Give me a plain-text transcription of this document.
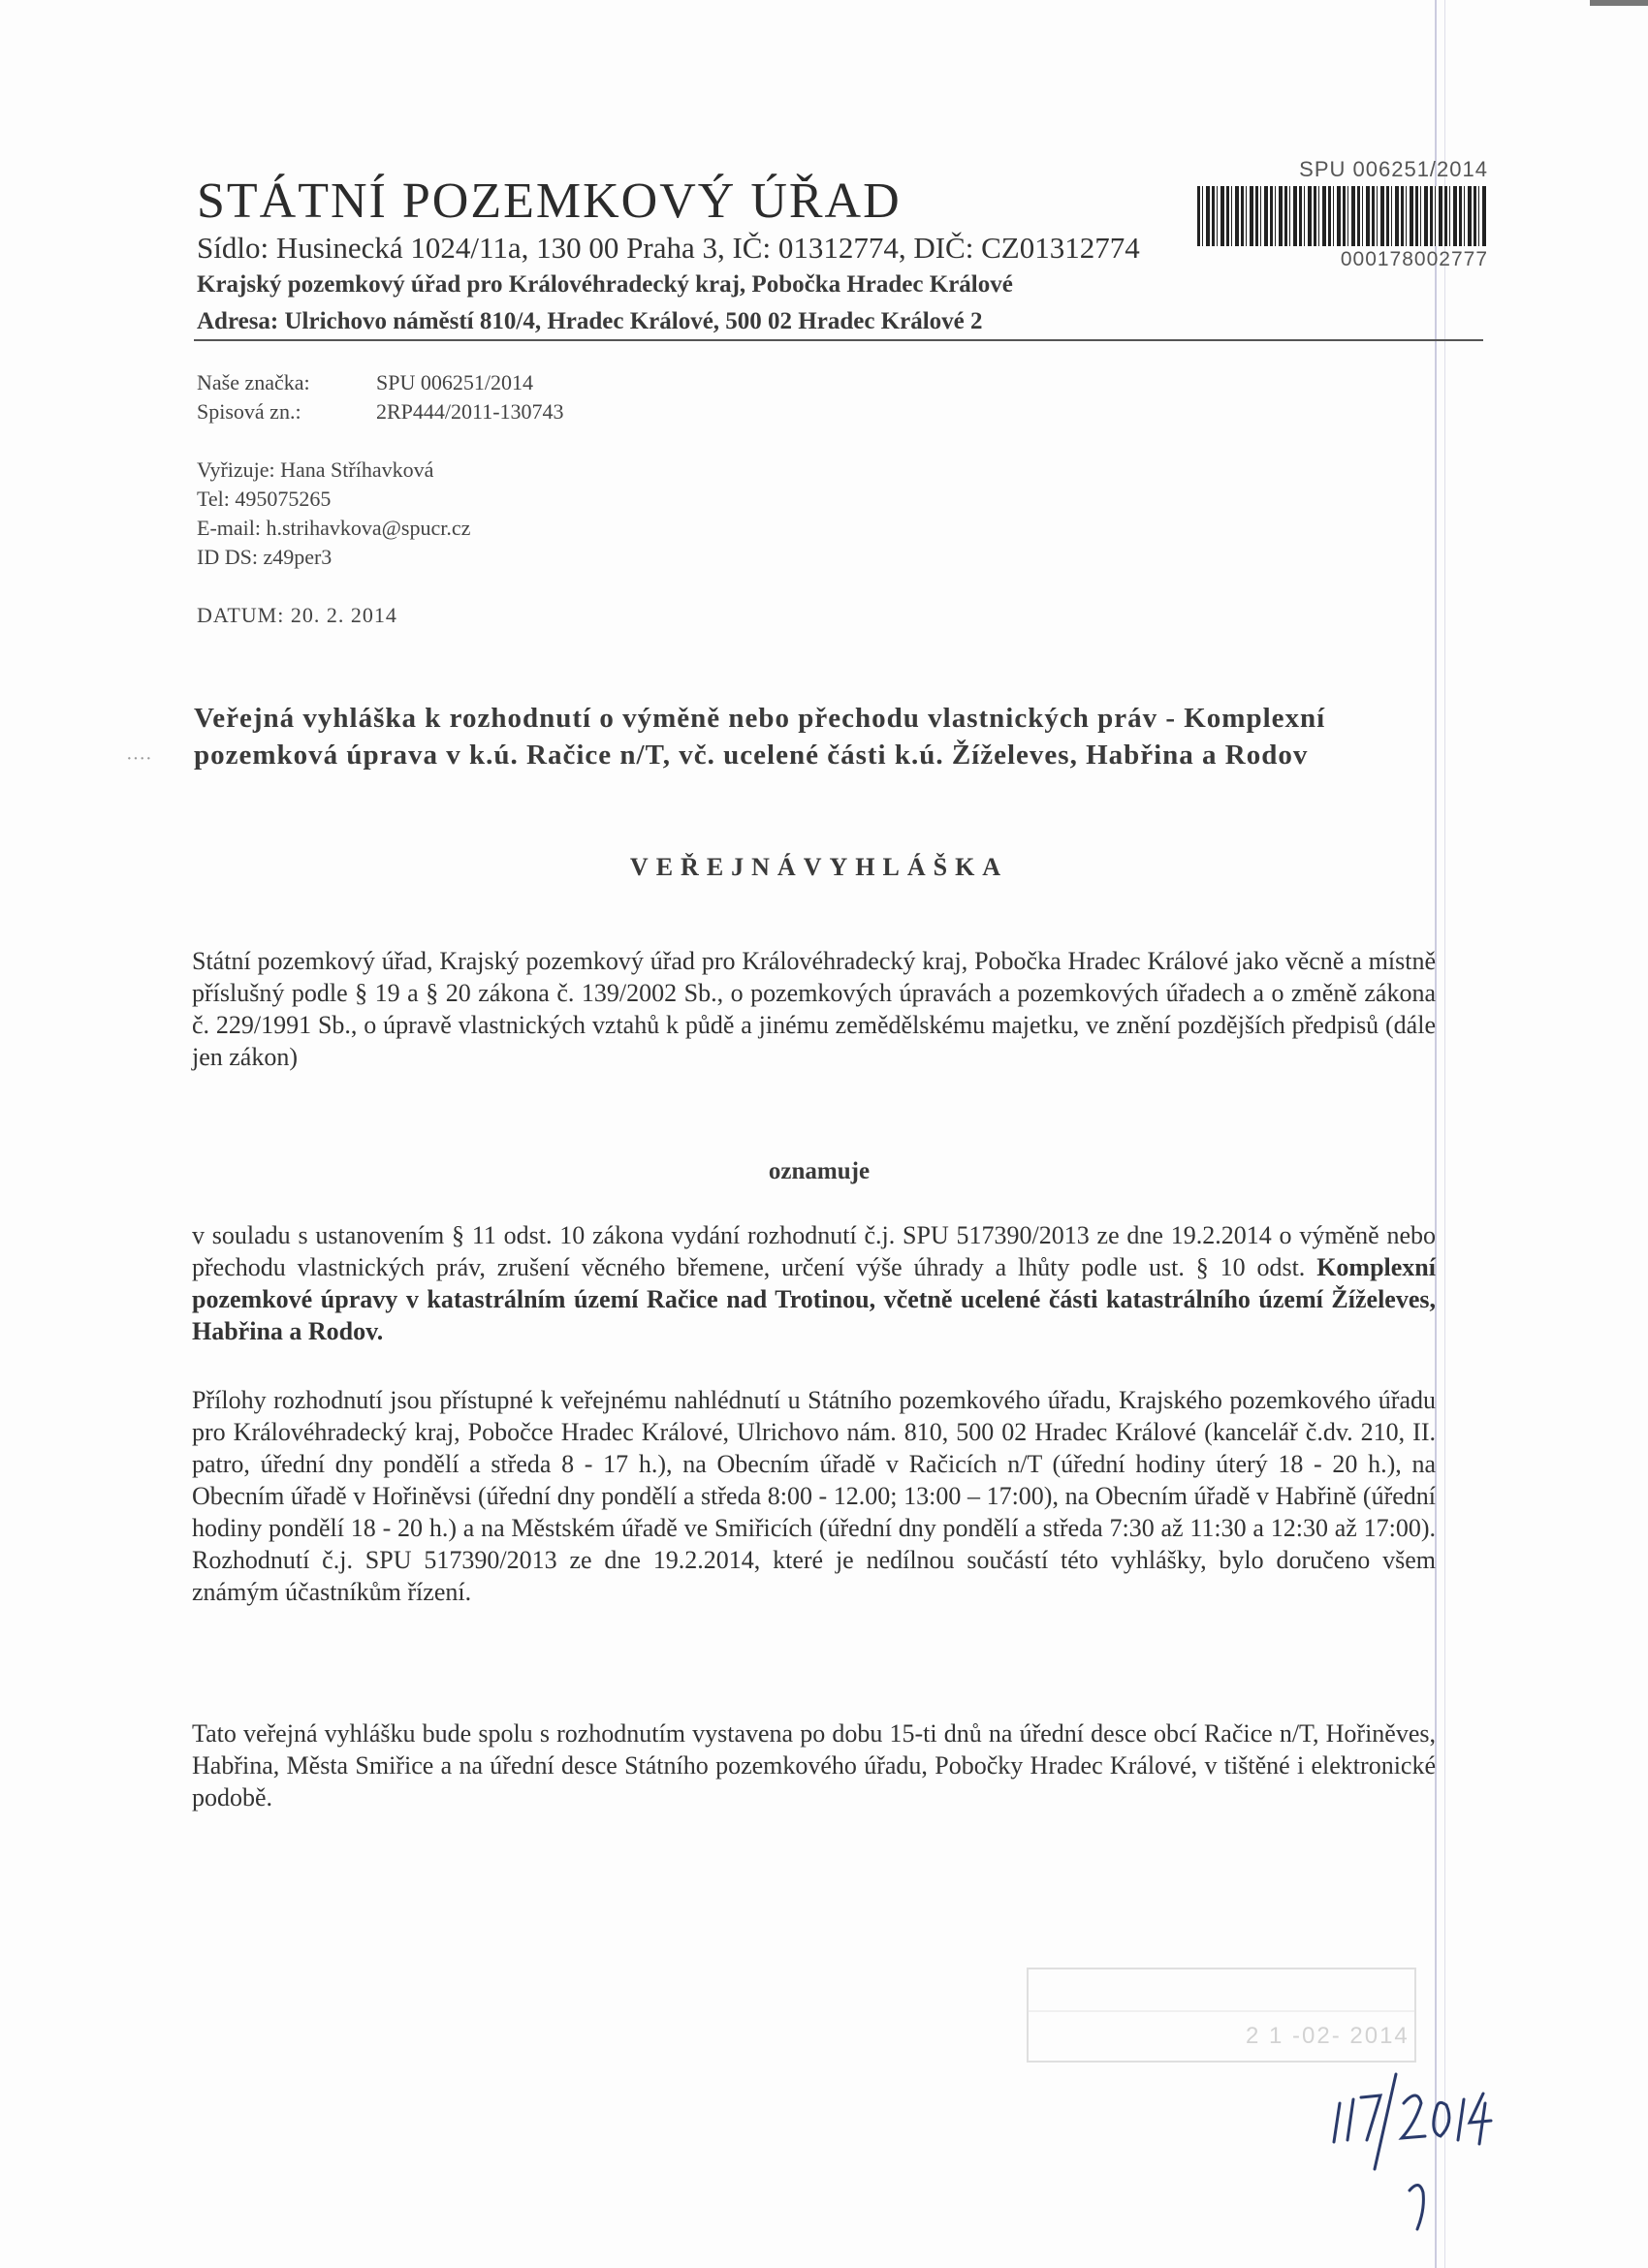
STÁTNÍ POZEMKOVÝ ÚŘAD
Sídlo: Husinecká 1024/11a, 130 00 Praha 3, IČ: 01312774, DIČ: CZ01312774
Krajský pozemkový úřad pro Královéhradecký kraj, Pobočka Hradec Králové
Adresa: Ulrichovo náměstí 810/4, Hradec Králové, 500 02 Hradec Králové 2
SPU 006251/2014
000178002777
Naše značka:	SPU 006251/2014
Spisová zn.:	2RP444/2011-130743
Vyřizuje: Hana Stříhavková
Tel: 495075265
E-mail: h.strihavkova@spucr.cz
ID DS: z49per3
DATUM: 20. 2. 2014
····
Veřejná vyhláška k rozhodnutí o výměně nebo přechodu vlastnických práv - Komplexní pozemková úprava v k.ú. Račice n/T, vč. ucelené části k.ú. Žíželeves, Habřina a Rodov
VEŘEJNÁVYHLÁŠKA
Státní pozemkový úřad, Krajský pozemkový úřad pro Královéhradecký kraj, Pobočka Hradec Králové jako věcně a místně příslušný podle § 19 a § 20 zákona č. 139/2002 Sb., o pozemkových úpravách a pozemkových úřadech a o změně zákona č. 229/1991 Sb., o úpravě vlastnických vztahů k půdě a jinému zemědělskému majetku, ve znění pozdějších předpisů (dále jen zákon)
oznamuje
v souladu s ustanovením § 11 odst. 10 zákona vydání rozhodnutí č.j. SPU 517390/2013 ze dne 19.2.2014 o výměně nebo přechodu vlastnických práv, zrušení věcného břemene, určení výše úhrady a lhůty podle ust. § 10 odst. Komplexní pozemkové úpravy v katastrálním území Račice nad Trotinou, včetně ucelené části katastrálního území Žíželeves, Habřina a Rodov.
Přílohy rozhodnutí jsou přístupné k veřejnému nahlédnutí u Státního pozemkového úřadu, Krajského pozemkového úřadu pro Královéhradecký kraj, Pobočce Hradec Králové, Ulrichovo nám. 810, 500 02 Hradec Králové (kancelář č.dv. 210, II. patro, úřední dny pondělí a středa 8 - 17 h.), na Obecním úřadě v Račicích n/T (úřední hodiny úterý 18 - 20 h.), na Obecním úřadě v Hořiněvsi (úřední dny pondělí a středa 8:00 - 12.00; 13:00 – 17:00), na Obecním úřadě v Habřině (úřední hodiny pondělí 18 - 20 h.) a na Městském úřadě ve Smiřicích (úřední dny pondělí a středa 7:30 až 11:30 a 12:30 až 17:00). Rozhodnutí č.j. SPU 517390/2013 ze dne 19.2.2014, které je nedílnou součástí této vyhlášky, bylo doručeno všem známým účastníkům řízení.
Tato veřejná vyhlášku bude spolu s rozhodnutím vystavena po dobu 15-ti dnů na úřední desce obcí Račice n/T, Hořiněves, Habřina, Města Smiřice a na úřední desce Státního pozemkového úřadu, Pobočky Hradec Králové, v tištěné i elektronické podobě.
2 1 -02- 2014
